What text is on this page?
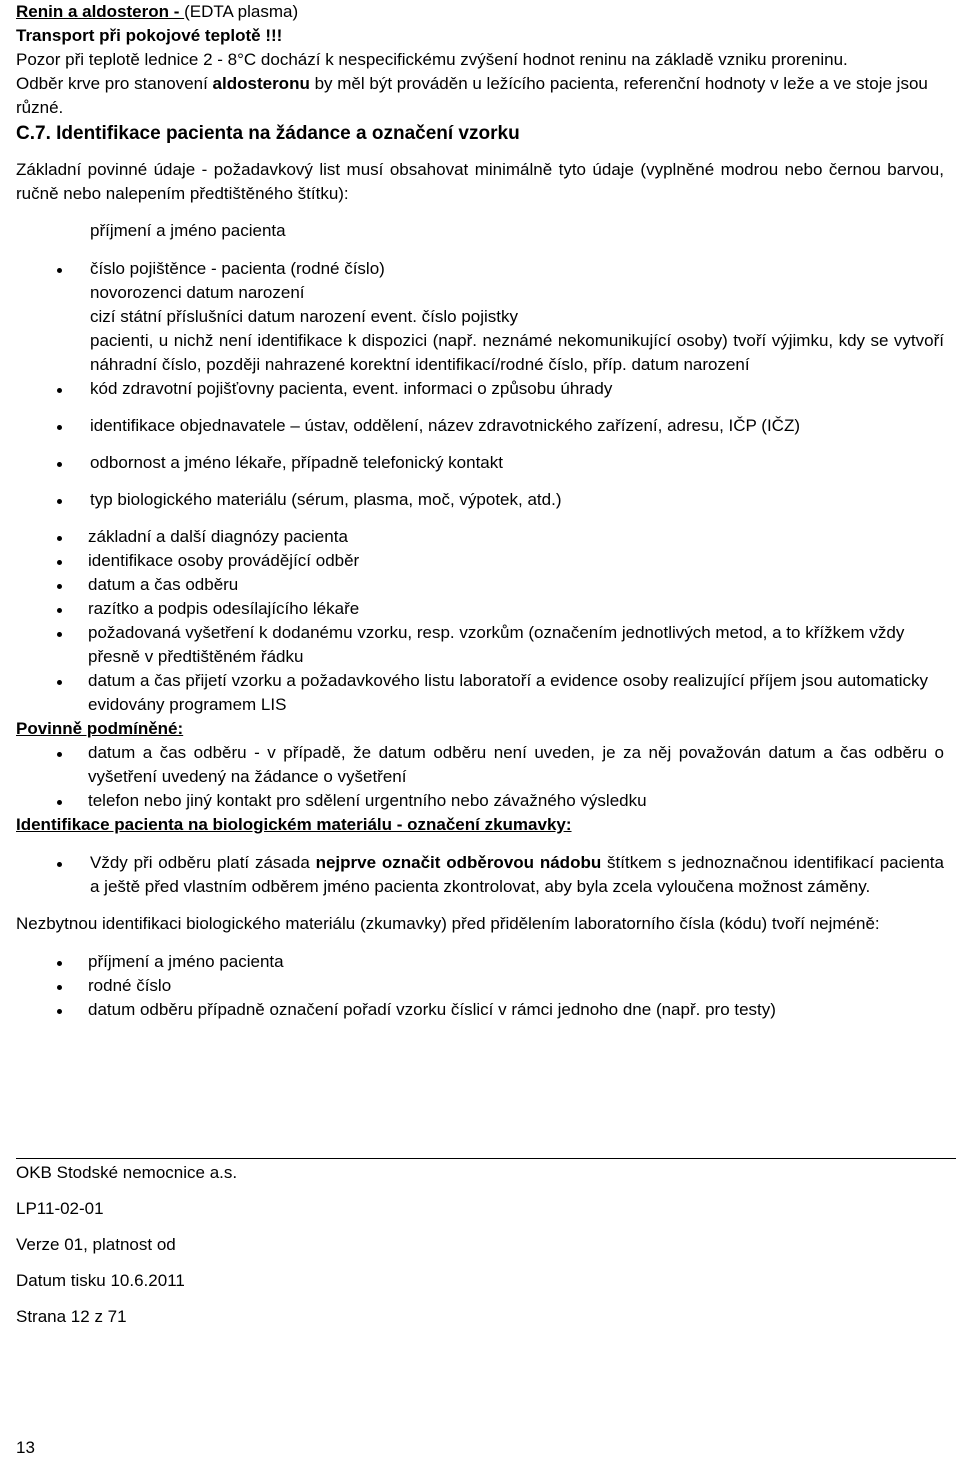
Renin a aldosteron - (EDTA plasma)

Transport při pokojové teplotě !!!

Pozor při teplotě lednice 2 - 8°C dochází k nespecifickému zvýšení hodnot reninu na základě vzniku proreninu.

Odběr krve pro stanovení aldosteronu by měl být prováděn u ležícího pacienta, referenční hodnoty v leže a ve stoje jsou různé.

C.7. Identifikace pacienta na žádance a označení vzorku

Základní povinné údaje - požadavkový list musí obsahovat minimálně tyto údaje (vyplněné modrou nebo černou barvou, ručně nebo nalepením předtištěného štítku):

příjmení a jméno pacienta
číslo pojištěnce - pacienta (rodné číslo)
novorozenci datum narození
cizí státní příslušníci datum narození event. číslo pojistky
pacienti, u nichž není identifikace k dispozici (např. neznámé nekomunikující osoby) tvoří výjimku, kdy se vytvoří náhradní číslo, později nahrazené korektní identifikací/rodné číslo, příp. datum narození
kód zdravotní pojišťovny pacienta, event. informaci o způsobu úhrady
identifikace objednavatele – ústav, oddělení, název zdravotnického zařízení, adresu, IČP (IČZ)
odbornost a jméno lékaře, případně telefonický kontakt
typ biologického materiálu (sérum, plasma, moč, výpotek, atd.)
základní a další diagnózy pacienta
identifikace osoby provádějící odběr
datum a čas odběru
razítko a podpis odesílajícího lékaře
požadovaná vyšetření k dodanému vzorku, resp. vzorkům (označením jednotlivých metod, a to křížkem vždy přesně v předtištěném řádku
datum a čas přijetí vzorku a požadavkového listu laboratoří a evidence osoby realizující příjem jsou automaticky evidovány programem LIS

Povinně podmíněné:

datum a čas odběru - v případě, že datum odběru není uveden, je za něj považován datum a čas odběru o vyšetření uvedený na žádance o vyšetření
telefon nebo jiný kontakt pro sdělení urgentního nebo závažného výsledku

Identifikace pacienta na biologickém materiálu - označení zkumavky:

Vždy při odběru platí zásada nejprve označit odběrovou nádobu štítkem s jednoznačnou identifikací pacienta a ještě před vlastním odběrem jméno pacienta zkontrolovat, aby byla zcela vyloučena možnost záměny.

Nezbytnou identifikaci biologického materiálu (zkumavky) před přidělením laboratorního čísla (kódu) tvoří nejméně:

příjmení a jméno pacienta
rodné číslo
datum odběru případně označení pořadí vzorku číslicí v rámci jednoho dne (např. pro testy)

OKB Stodské nemocnice a.s.

LP11-02-01

Verze 01, platnost od

Datum tisku 10.6.2011

Strana 12 z 71

13
